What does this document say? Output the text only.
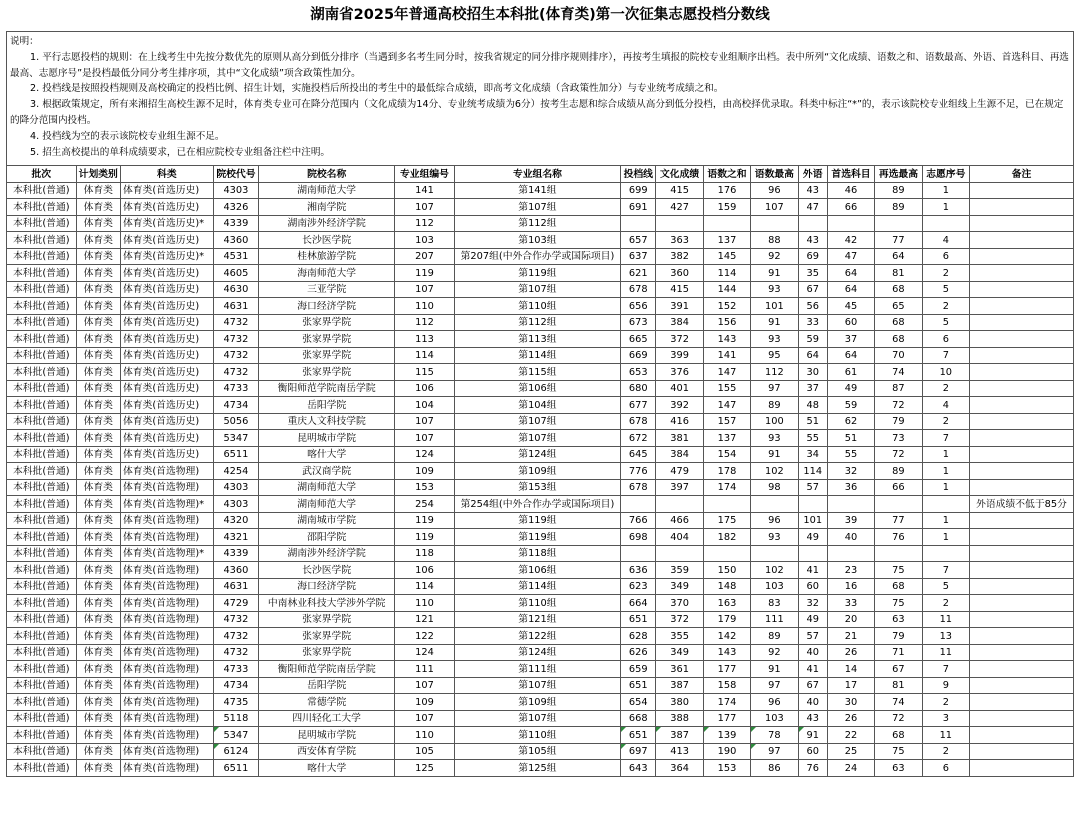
湖南省2025年普通高校招生本科批(体育类)第一次征集志愿投档分数线
说明：
1. 平行志愿投档的规则：在上线考生中先按分数优先的原则从高分到低分排序（当遇到多名考生同分时，按我省规定的同分排序规则排序），再按考生填报的院校专业组顺序出档。表中所列“文化成绩、语数之和、语数最高、外语、首选科目、再选最高、志愿序号”是投档最低分同分考生排序项，其中“文化成绩”项含政策性加分。
2. 投档线是按照投档规则及高校确定的投档比例、招生计划，实施投档后所投出的考生中的最低综合成绩，即高考文化成绩（含政策性加分）与专业统考成绩之和。
3. 根据政策规定，所有来湘招生高校生源不足时，体育类专业可在降分范围内（文化成绩为14分、专业统考成绩为6分）按考生志愿和综合成绩从高分到低分投档，由高校择优录取。科类中标注“*”的，表示该院校专业组线上生源不足，已在规定的降分范围内投档。
4. 投档线为空的表示该院校专业组生源不足。
5. 招生高校提出的单科成绩要求，已在相应院校专业组备注栏中注明。
批次	计划类别	科类	院校代号	院校名称	专业组编号	专业组名称	投档线	文化成绩	语数之和	语数最高	外语	首选科目	再选最高	志愿序号	备注
本科批(普通)	体育类	体育类(首选历史)	4303	湖南师范大学	141	第141组	699	415	176	96	43	46	89	1	
本科批(普通)	体育类	体育类(首选历史)	4326	湘南学院	107	第107组	691	427	159	107	47	66	89	1	
本科批(普通)	体育类	体育类(首选历史)*	4339	湖南涉外经济学院	112	第112组									
本科批(普通)	体育类	体育类(首选历史)	4360	长沙医学院	103	第103组	657	363	137	88	43	42	77	4	
本科批(普通)	体育类	体育类(首选历史)*	4531	桂林旅游学院	207	第207组(中外合作办学或国际项目)	637	382	145	92	69	47	64	6	
本科批(普通)	体育类	体育类(首选历史)	4605	海南师范大学	119	第119组	621	360	114	91	35	64	81	2	
本科批(普通)	体育类	体育类(首选历史)	4630	三亚学院	107	第107组	678	415	144	93	67	64	68	5	
本科批(普通)	体育类	体育类(首选历史)	4631	海口经济学院	110	第110组	656	391	152	101	56	45	65	2	
本科批(普通)	体育类	体育类(首选历史)	4732	张家界学院	112	第112组	673	384	156	91	33	60	68	5	
本科批(普通)	体育类	体育类(首选历史)	4732	张家界学院	113	第113组	665	372	143	93	59	37	68	6	
本科批(普通)	体育类	体育类(首选历史)	4732	张家界学院	114	第114组	669	399	141	95	64	64	70	7	
本科批(普通)	体育类	体育类(首选历史)	4732	张家界学院	115	第115组	653	376	147	112	30	61	74	10	
本科批(普通)	体育类	体育类(首选历史)	4733	衡阳师范学院南岳学院	106	第106组	680	401	155	97	37	49	87	2	
本科批(普通)	体育类	体育类(首选历史)	4734	岳阳学院	104	第104组	677	392	147	89	48	59	72	4	
本科批(普通)	体育类	体育类(首选历史)	5056	重庆人文科技学院	107	第107组	678	416	157	100	51	62	79	2	
本科批(普通)	体育类	体育类(首选历史)	5347	昆明城市学院	107	第107组	672	381	137	93	55	51	73	7	
本科批(普通)	体育类	体育类(首选历史)	6511	喀什大学	124	第124组	645	384	154	91	34	55	72	1	
本科批(普通)	体育类	体育类(首选物理)	4254	武汉商学院	109	第109组	776	479	178	102	114	32	89	1	
本科批(普通)	体育类	体育类(首选物理)	4303	湖南师范大学	153	第153组	678	397	174	98	57	36	66	1	
本科批(普通)	体育类	体育类(首选物理)*	4303	湖南师范大学	254	第254组(中外合作办学或国际项目)									外语成绩不低于85分
本科批(普通)	体育类	体育类(首选物理)	4320	湖南城市学院	119	第119组	766	466	175	96	101	39	77	1	
本科批(普通)	体育类	体育类(首选物理)	4321	邵阳学院	119	第119组	698	404	182	93	49	40	76	1	
本科批(普通)	体育类	体育类(首选物理)*	4339	湖南涉外经济学院	118	第118组									
本科批(普通)	体育类	体育类(首选物理)	4360	长沙医学院	106	第106组	636	359	150	102	41	23	75	7	
本科批(普通)	体育类	体育类(首选物理)	4631	海口经济学院	114	第114组	623	349	148	103	60	16	68	5	
本科批(普通)	体育类	体育类(首选物理)	4729	中南林业科技大学涉外学院	110	第110组	664	370	163	83	32	33	75	2	
本科批(普通)	体育类	体育类(首选物理)	4732	张家界学院	121	第121组	651	372	179	111	49	20	63	11	
本科批(普通)	体育类	体育类(首选物理)	4732	张家界学院	122	第122组	628	355	142	89	57	21	79	13	
本科批(普通)	体育类	体育类(首选物理)	4732	张家界学院	124	第124组	626	349	143	92	40	26	71	11	
本科批(普通)	体育类	体育类(首选物理)	4733	衡阳师范学院南岳学院	111	第111组	659	361	177	91	41	14	67	7	
本科批(普通)	体育类	体育类(首选物理)	4734	岳阳学院	107	第107组	651	387	158	97	67	17	81	9	
本科批(普通)	体育类	体育类(首选物理)	4735	常德学院	109	第109组	654	380	174	96	40	30	74	2	
本科批(普通)	体育类	体育类(首选物理)	5118	四川轻化工大学	107	第107组	668	388	177	103	43	26	72	3	
本科批(普通)	体育类	体育类(首选物理)	5347	昆明城市学院	110	第110组	651	387	139	78	91	22	68	11	
本科批(普通)	体育类	体育类(首选物理)	6124	西安体育学院	105	第105组	697	413	190	97	60	25	75	2	
本科批(普通)	体育类	体育类(首选物理)	6511	喀什大学	125	第125组	643	364	153	86	76	24	63	6	
